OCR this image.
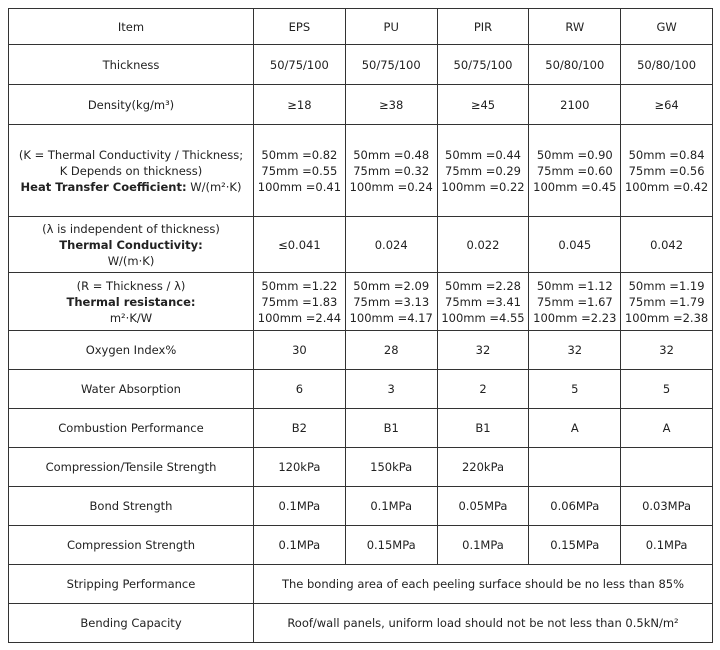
Item	EPS	PU	PIR	RW	GW

Thickness	50/75/100	50/75/100	50/75/100	50/80/100	50/80/100

Density(kg/m³)	≥18	≥38	≥45	2100	≥64

(K = Thermal Conductivity / Thickness;
K Depends on thickness)
Heat Transfer Coefficient: W/(m²·K)	50mm =0.82
75mm =0.55
100mm =0.41	50mm =0.48
75mm =0.32
100mm =0.24	50mm =0.44
75mm =0.29
100mm =0.22	50mm =0.90
75mm =0.60
100mm =0.45	50mm =0.84
75mm =0.56
100mm =0.42

(λ is independent of thickness)
Thermal Conductivity:
W/(m·K)	≤0.041	0.024	0.022	0.045	0.042

(R = Thickness / λ)
Thermal resistance:
m²·K/W	50mm =1.22
75mm =1.83
100mm =2.44	50mm =2.09
75mm =3.13
100mm =4.17	50mm =2.28
75mm =3.41
100mm =4.55	50mm =1.12
75mm =1.67
100mm =2.23	50mm =1.19
75mm =1.79
100mm =2.38

Oxygen Index%	30	28	32	32	32

Water Absorption	6	3	2	5	5

Combustion Performance	B2	B1	B1	A	A

Compression/Tensile Strength	120kPa	150kPa	220kPa		

Bond Strength	0.1MPa	0.1MPa	0.05MPa	0.06MPa	0.03MPa

Compression Strength	0.1MPa	0.15MPa	0.1MPa	0.15MPa	0.1MPa

Stripping Performance	The bonding area of each peeling surface should be no less than 85%				

Bending Capacity	Roof/wall panels, uniform load should not be not less than 0.5kN/m²				
